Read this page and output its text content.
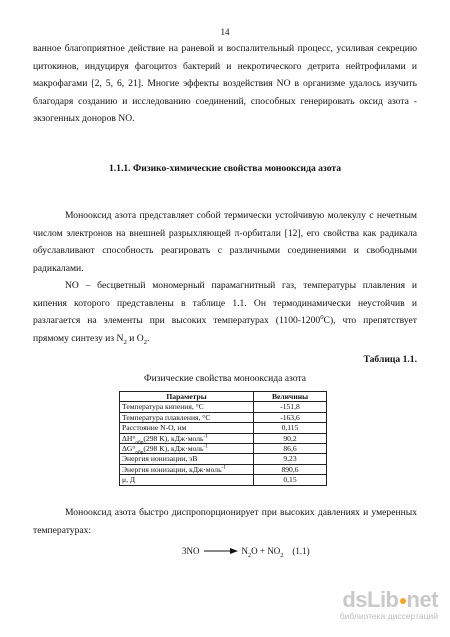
14

ванное благоприятное действие на раневой и воспалительный процесс, усиливая секрецию цитокинов, индуцируя фагоцитоз бактерий и некротического детрита нейтрофилами и макрофагами [2, 5, 6, 21]. Многие эффекты воздействия NO в организме удалось изучить благодаря созданию и исследованию соединений, способных генерировать оксид азота - экзогенных доноров NO.

1.1.1. Физико-химические свойства монооксида азота

Монооксид азота представляет собой термически устойчивую молекулу с нечетным числом электронов на внешней разрыхляющей π-орбитали [12], его свойства как радикала обуславливают способность реагировать с различными соединениями и свободными радикалами.

NO – бесцветный мономерный парамагнитный газ, температуры плавления и кипения которого представлены в таблице 1.1. Он термодинамически неустойчив и разлагается на элементы при высоких температурах (1100-1200$^0$С), что препятствует прямому синтезу из $N_2$ и $O_2$.

Таблица 1.1.
Физические свойства монооксида азота
Параметры	Величины
Температура кипения, °С	-151,8
Температура плавления, °С	-163,6
Расстояние N-O, нм	0,115
$\Delta H^\circ_{обр}(298$ K), кДж·моль$^{-1}$	90,2
$\Delta G^\circ_{обр}(298$ K), кДж·моль$^{-1}$	86,6
Энергия ионизации, эВ	9,23
Энергия ионизации, кДж·моль$^{-1}$	890,6
μ, Д	0,15

Монооксид азота быстро диспропорционирует при высоких давлениях и умеренных температурах:

3NO	$N_2O + NO_2$ (1.1)
dsLib net
библиотека диссертаций
